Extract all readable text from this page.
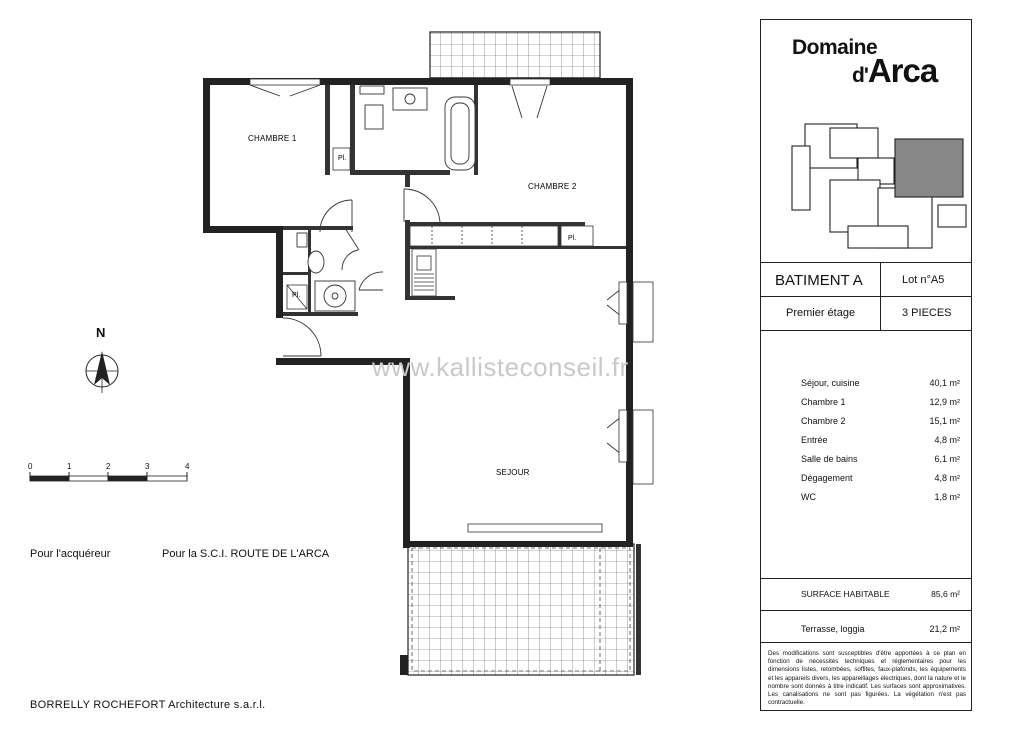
CHAMBRE 1
CHAMBRE 2
SEJOUR
Pl.
Pl.
Pl.
www.kallisteconseil.fr
N
0	1	2	3	4
Pour l'acquéreur	Pour la S.C.I. ROUTE DE L'ARCA
BORRELLY ROCHEFORT Architecture s.a.r.l.
Domaine
d'Arca
BATIMENT A	Lot n°A5
Premier étage	3 PIECES
Séjour, cuisine	40,1 m²
Chambre 1	12,9 m²
Chambre 2	15,1 m²
Entrée	4,8 m²
Salle de bains	6,1 m²
Dégagement	4,8 m²
WC	1,8 m²
SURFACE HABITABLE	85,6 m²
Terrasse, loggia	21,2 m²
Des modifications sont susceptibles d'être apportées à ce plan en fonction de nécessités techniques et réglementaires pour les dimensions listes, retombées, soffites, faux-plafonds, les équipements et les appareils divers, les appareillages électriques, dont la nature et le nombre sont donnés à titre indicatif. Les surfaces sont approximatives. Les canalisations ne sont pas figurées. La végétation n'est pas contractuelle.
